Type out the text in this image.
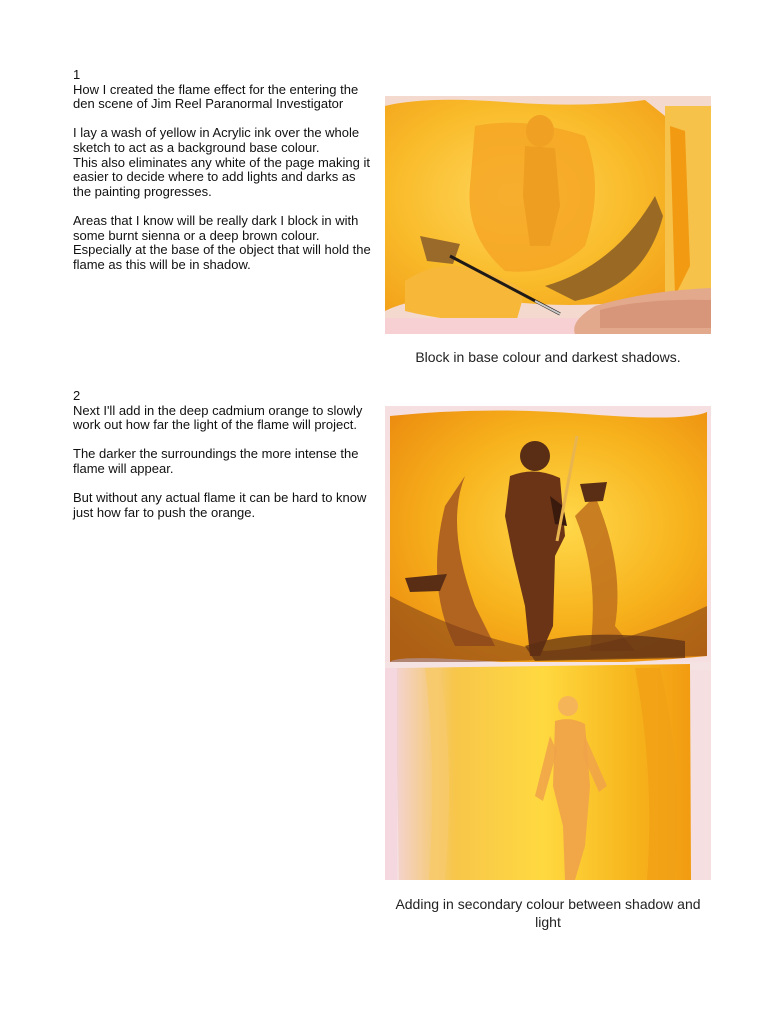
1

How I created the flame effect for the entering the den scene of Jim Reel Paranormal Investigator

I lay a wash of yellow in Acrylic ink over the whole sketch to act as a background base colour.

This also eliminates any white of the page making it easier to decide where to add lights and darks as the painting progresses.

Areas that I know will be really dark I block in with some burnt sienna or a deep brown colour. Especially at the base of the object that will hold the flame as this will be in shadow.

Block in base colour and darkest shadows.

2

Next I'll add in the deep cadmium orange to slowly work out how far the light of the flame will project.

The darker the surroundings the more intense the flame will appear.

But without any actual flame it can be hard to know just how far to push the orange.

Adding in secondary colour between shadow and light
